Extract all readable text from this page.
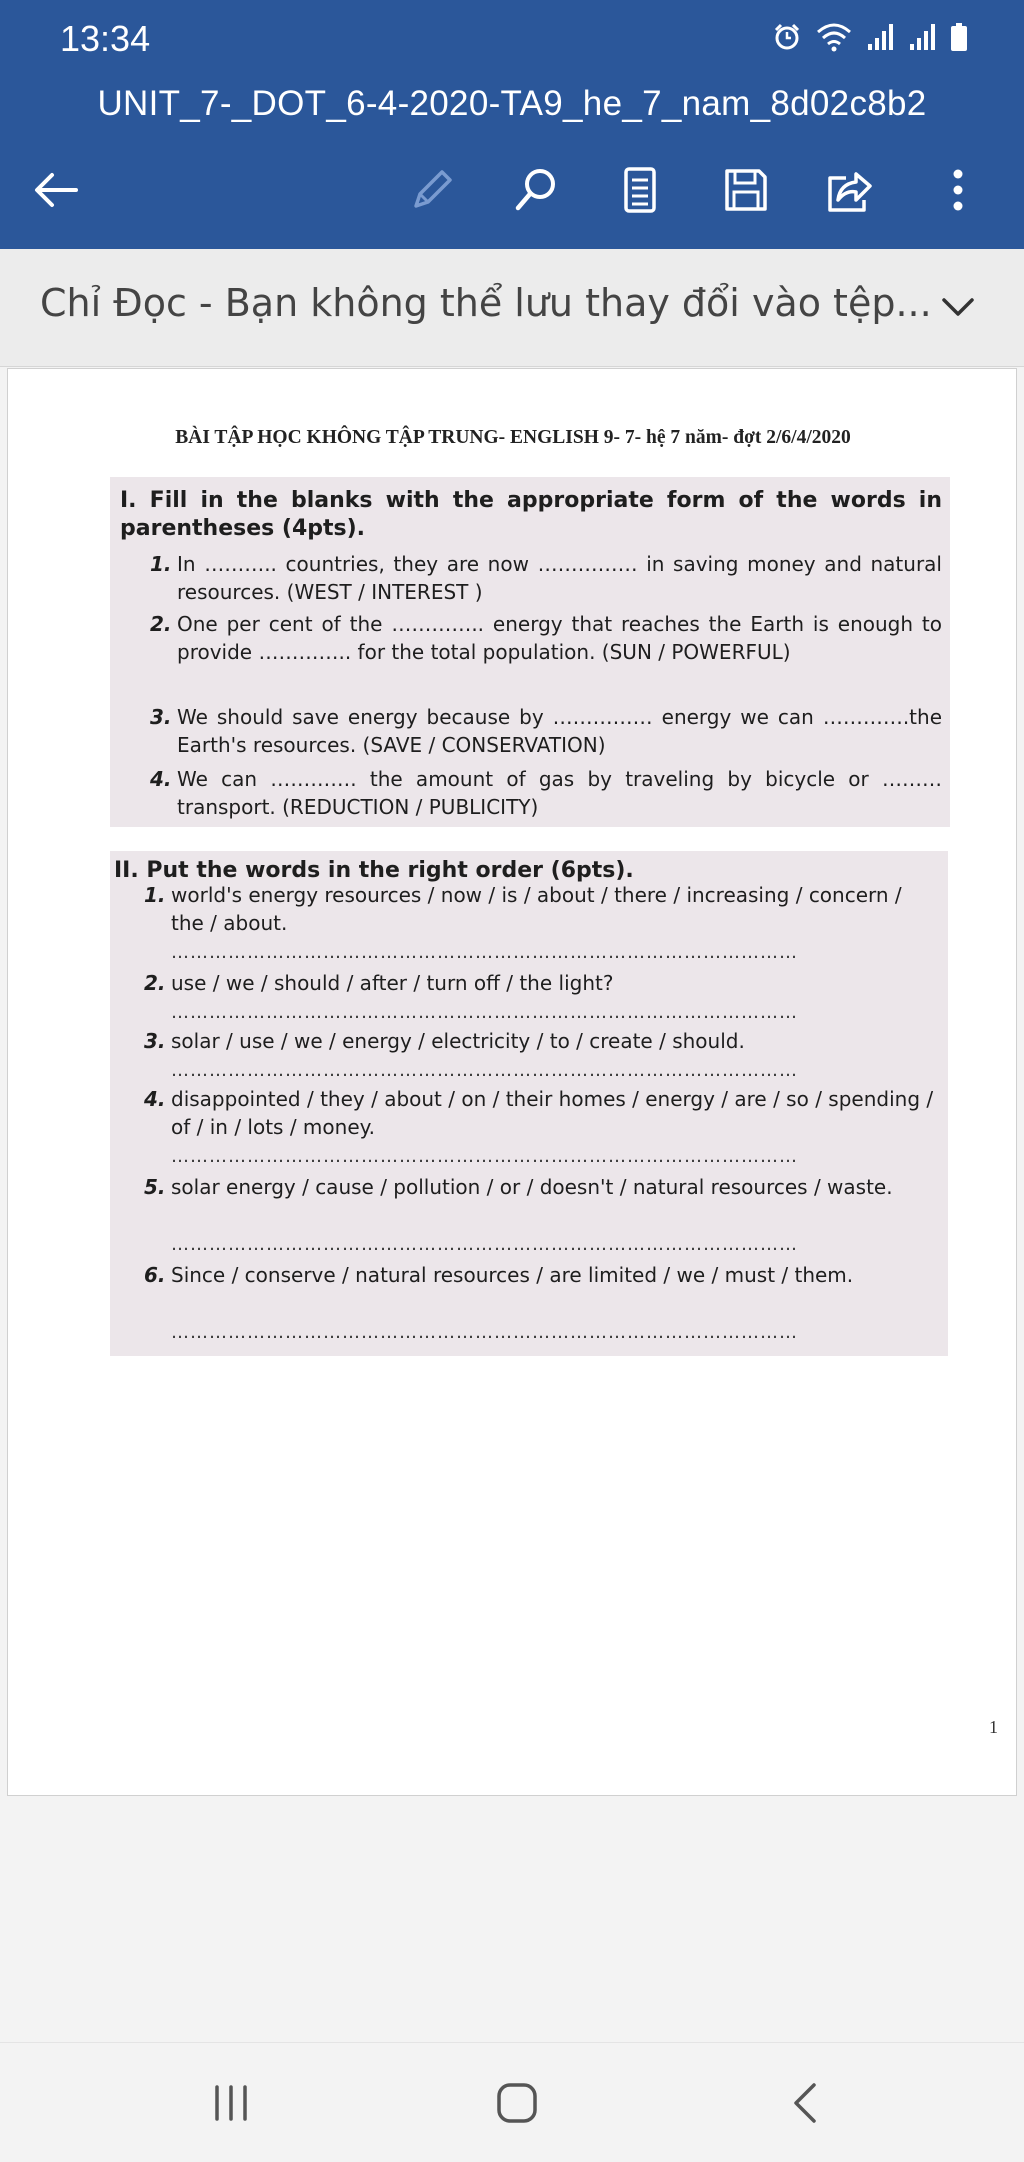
13:34
UNIT_7-_DOT_6-4-2020-TA9_he_7_nam_8d02c8b2
Chỉ Đọc - Bạn không thể lưu thay đổi vào tệp...
BÀI TẬP HỌC KHÔNG TẬP TRUNG- ENGLISH 9- 7- hệ 7 năm- đợt 2/6/4/2020
I. Fill in the blanks with the appropriate form of the words in parentheses (4pts).
1. In ……….. countries, they are now …………… in saving money and natural resources. (WEST / INTEREST )
2. One per cent of the ………….. energy that reaches the Earth is enough to provide ………….. for the total population. (SUN / POWERFUL)
3. We should save energy because by …………… energy we can ………….the Earth's resources. (SAVE / CONSERVATION)
4. We can …………. the amount of gas by traveling by bicycle or ………transport. (REDUCTION / PUBLICITY)
II. Put the words in the right order (6pts).
1. world's energy resources / now / is / about / there / increasing / concern / the / about.
………………………………………………………………………………………
2. use / we / should / after / turn off / the light?
………………………………………………………………………………………
3. solar / use / we / energy / electricity / to / create / should.
………………………………………………………………………………………
4. disappointed / they / about / on / their homes / energy / are / so / spending / of / in / lots / money.
………………………………………………………………………………………
5. solar energy / cause / pollution / or / doesn't / natural resources / waste.
………………………………………………………………………………………
6. Since / conserve / natural resources / are limited / we / must / them.
………………………………………………………………………………………
1
